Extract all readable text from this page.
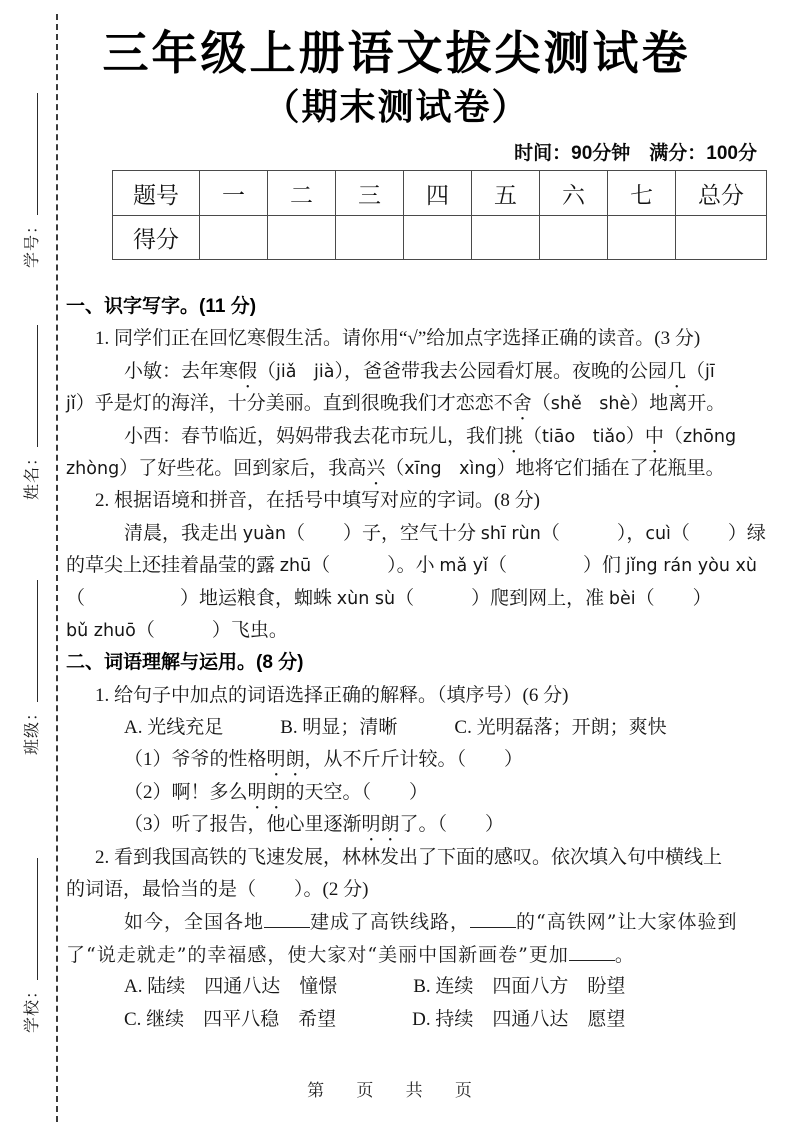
学号：
姓名：
班级：
学校：
三年级上册语文拔尖测试卷
（期末测试卷）
时间：90分钟　满分：100分
题号	一	二	三	四	五	六	七	总分
得分								
一、识字写字。(11 分)
1. 同学们正在回忆寒假生活。请你用“√”给加点字选择正确的读音。(3 分)
小敏：去年寒假（jiǎ　jià），爸爸带我去公园看灯展。夜晚的公园几（jī
jǐ）乎是灯的海洋，十分美丽。直到很晚我们才恋恋不舍（shě　shè）地离开。
小西：春节临近，妈妈带我去花市玩儿，我们挑（tiāo　tiǎo）中（zhōng
zhòng）了好些花。回到家后，我高兴（xīng　xìng）地将它们插在了花瓶里。
2. 根据语境和拼音，在括号中填写对应的字词。(8 分)
清晨，我走出 yuàn（　　）子，空气十分 shī rùn（　　　），cuì（　　）绿
的草尖上还挂着晶莹的露 zhū（　　　）。小 mǎ yǐ（　　　　）们 jǐng rán yòu xù
（　　　　　）地运粮食，蜘蛛 xùn sù（　　　）爬到网上，准 bèi（　　）
bǔ zhuō（　　　）飞虫。
二、词语理解与运用。(8 分)
1. 给句子中加点的词语选择正确的解释。（填序号）(6 分)
A. 光线充足　　　B. 明显；清晰　　　C. 光明磊落；开朗；爽快
（1）爷爷的性格明朗，从不斤斤计较。（　　）
（2）啊！多么明朗的天空。（　　）
（3）听了报告，他心里逐渐明朗了。（　　）
2. 看到我国高铁的飞速发展，林林发出了下面的感叹。依次填入句中横线上
的词语，最恰当的是（　　）。(2 分)
如今，全国各地 建成了高铁线路， 的“高铁网”让大家体验到
了“说走就走”的幸福感，使大家对“美丽中国新画卷”更加 。
A. 陆续　四通八达　憧憬　　　　B. 连续　四面八方　盼望
C. 继续　四平八稳　希望　　　　D. 持续　四通八达　愿望
第 页 共 页
